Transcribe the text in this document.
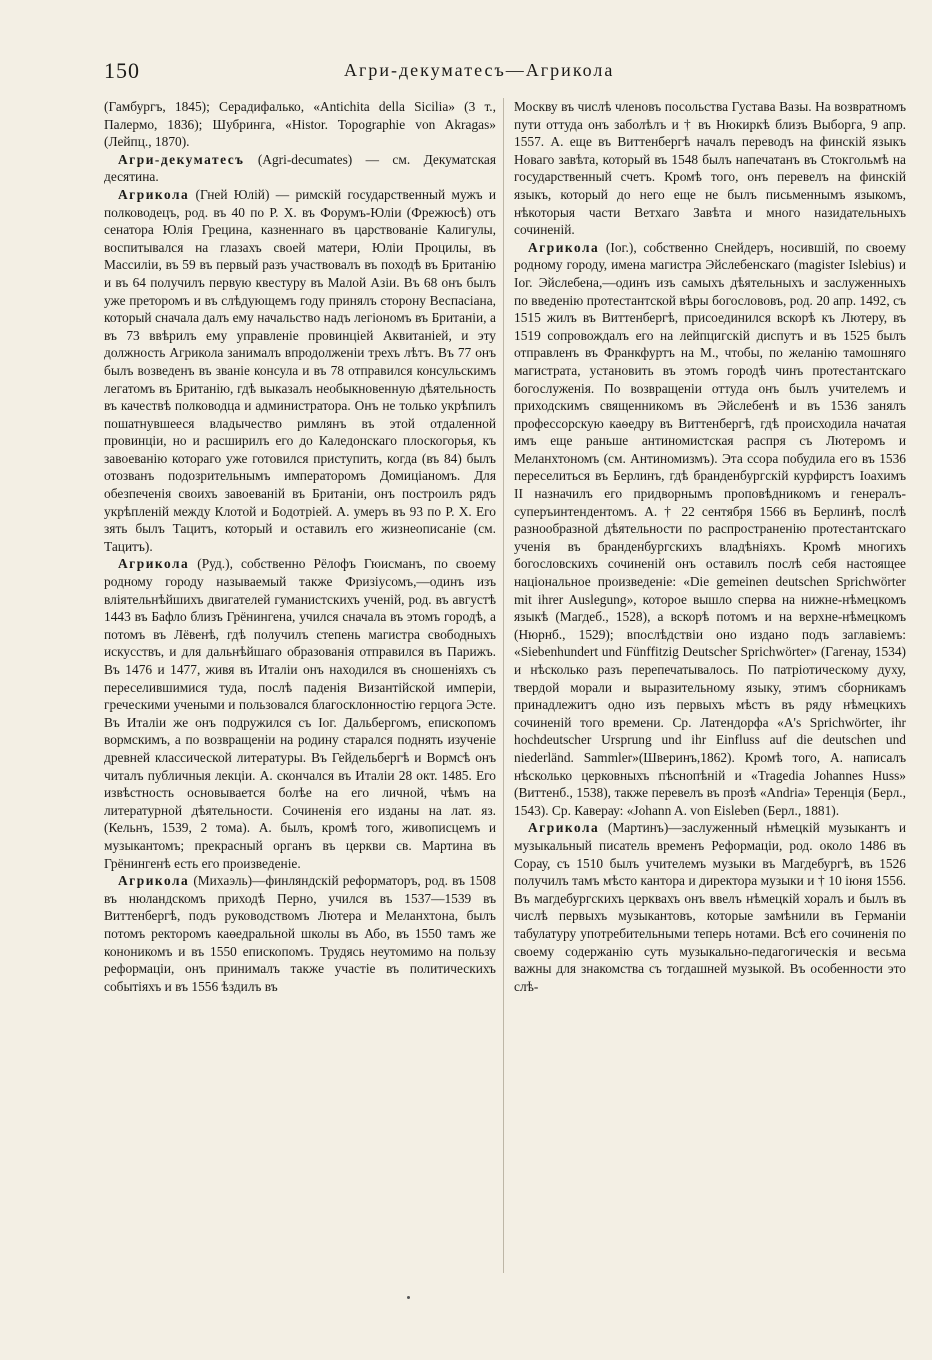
150	Агри-декуматесъ—Агрикола

(Гамбургъ, 1845); Серадифалько, «Antichita della Sicilia» (3 т., Палермо, 1836); Шубринга, «Histor. Topographie von Akragas» (Лейпц., 1870).

Агри-декуматесъ (Agri-decumates) — см. Декуматская десятина.

Агрикола (Гней Юлій) — римскій государственный мужъ и полководецъ, род. въ 40 по Р. Х. въ Форумъ-Юліи (Фрежюсѣ) отъ сенатора Юлія Грецина, казненнаго въ царствованіе Калигулы, воспитывался на глазахъ своей матери, Юліи Процилы, въ Массиліи, въ 59 въ первый разъ участвовалъ въ походѣ въ Британію и въ 64 получилъ первую квестуру въ Малой Азіи. Въ 68 онъ былъ уже преторомъ и въ слѣдующемъ году принялъ сторону Веспасіана, который сначала далъ ему начальство надъ легіономъ въ Британіи, а въ 73 ввѣрилъ ему управленіе провинціей Аквитаніей, и эту должность Агрикола занималъ впродолженіи трехъ лѣтъ. Въ 77 онъ былъ возведенъ въ званіе консула и въ 78 отправился консульскимъ легатомъ въ Британію, гдѣ выказалъ необыкновенную дѣятельность въ качествѣ полководца и администратора. Онъ не только укрѣпилъ пошатнувшееся владычество римлянъ въ этой отдаленной провинціи, но и расширилъ его до Каледонскаго плоскогорья, къ завоеванію котораго уже готовился приступить, когда (въ 84) былъ отозванъ подозрительнымъ императоромъ Домиціаномъ. Для обезпеченія своихъ завоеваній въ Британіи, онъ построилъ рядъ укрѣпленій между Клотой и Бодотріей. А. умеръ въ 93 по Р. Х. Его зять былъ Тацитъ, который и оставилъ его жизнеописаніе (см. Тацитъ).

Агрикола (Руд.), собственно Рёлофъ Гюисманъ, по своему родному городу называемый также Фризіусомъ,—одинъ изъ вліятельнѣйшихъ двигателей гуманистскихъ ученій, род. въ августѣ 1443 въ Бафло близъ Грёнингена, учился сначала въ этомъ городѣ, а потомъ въ Лёвенѣ, гдѣ получилъ степень магистра свободныхъ искусствъ, и для дальнѣйшаго образованія отправился въ Парижъ. Въ 1476 и 1477, живя въ Италіи онъ находился въ сношеніяхъ съ переселившимися туда, послѣ паденія Византійской имперіи, греческими учеными и пользовался благосклонностію герцога Эсте. Въ Италіи же онъ подружился съ Іог. Дальбергомъ, епископомъ вормскимъ, а по возвращеніи на родину старался поднять изученіе древней классической литературы. Въ Гейдельбергѣ и Вормсѣ онъ читалъ публичныя лекціи. А. скончался въ Италіи 28 окт. 1485. Его извѣстность основывается болѣе на его личной, чѣмъ на литературной дѣятельности. Сочиненія его изданы на лат. яз. (Кельнъ, 1539, 2 тома). А. былъ, кромѣ того, живописцемъ и музыкантомъ; прекрасный органъ въ церкви св. Мартина въ Грёнингенѣ есть его произведеніе.

Агрикола (Михаэль)—финляндскій реформаторъ, род. въ 1508 въ нюландскомъ приходѣ Перно, учился въ 1537—1539 въ Виттенбергѣ, подъ руководствомъ Лютера и Меланхтона, былъ потомъ ректоромъ каѳедральной школы въ Або, въ 1550 тамъ же кононикомъ и въ 1550 епископомъ. Трудясь неутомимо на пользу реформаціи, онъ принималъ также участіе въ политическихъ событіяхъ и въ 1556 ѣздилъ въ

Москву въ числѣ членовъ посольства Густава Вазы. На возвратномъ пути оттуда онъ заболѣлъ и † въ Нюкиркѣ близъ Выборга, 9 апр. 1557. А. еще въ Виттенбергѣ началъ переводъ на финскій языкъ Новаго завѣта, который въ 1548 былъ напечатанъ въ Стокгольмѣ на государственный счетъ. Кромѣ того, онъ перевелъ на финскій языкъ, который до него еще не былъ письменнымъ языкомъ, нѣкоторыя части Ветхаго Завѣта и много назидательныхъ сочиненій.

Агрикола (Іог.), собственно Снейдеръ, носившій, по своему родному городу, имена магистра Эйслебенскаго (magister Islebius) и Іог. Эйслебена,—одинъ изъ самыхъ дѣятельныхъ и заслуженныхъ по введенію протестантской вѣры богослововъ, род. 20 апр. 1492, съ 1515 жилъ въ Виттенбергѣ, присоединился вскорѣ къ Лютеру, въ 1519 сопровождалъ его на лейпцигскій диспутъ и въ 1525 былъ отправленъ въ Франкфуртъ на М., чтобы, по желанію тамошняго магистрата, установить въ этомъ городѣ чинъ протестантскаго богослуженія. По возвращеніи оттуда онъ былъ учителемъ и приходскимъ священникомъ въ Эйслебенѣ и въ 1536 занялъ профессорскую каѳедру въ Виттенбергѣ, гдѣ происходила начатая имъ еще раньше антиномистская распря съ Лютеромъ и Меланхтономъ (см. Антиномизмъ). Эта ссора побудила его въ 1536 переселиться въ Берлинъ, гдѣ бранденбургскій курфирстъ Іоахимъ II назначилъ его придворнымъ проповѣдникомъ и генералъ-суперъинтендентомъ. А. † 22 сентября 1566 въ Берлинѣ, послѣ разнообразной дѣятельности по распространенію протестантскаго ученія въ бранденбургскихъ владѣніяхъ. Кромѣ многихъ богословскихъ сочиненій онъ оставилъ послѣ себя настоящее національное произведеніе: «Die gemeinen deutschen Sprichwörter mit ihrer Auslegung», которое вышло сперва на нижне-нѣмецкомъ языкѣ (Магдеб., 1528), а вскорѣ потомъ и на верхне-нѣмецкомъ (Нюрнб., 1529); впослѣдствіи оно издано подъ заглавіемъ: «Siebenhundert und Fünffitzig Deutscher Sprichwörter» (Гагенау, 1534) и нѣсколько разъ перепечатывалось. По патріотическому духу, твердой морали и выразительному языку, этимъ сборникамъ принадлежитъ одно изъ первыхъ мѣстъ въ ряду нѣмецкихъ сочиненій того времени. Ср. Латендорфа «A's Sprichwörter, ihr hochdeutscher Ursprung und ihr Einfluss auf die deutschen und niederländ. Sammler»(Шверинъ,1862). Кромѣ того, А. написалъ нѣсколько церковныхъ пѣснопѣній и «Tragedia Johannes Huss» (Виттенб., 1538), также перевелъ въ прозѣ «Andria» Теренція (Берл., 1543). Ср. Каверау: «Johann A. von Eisleben (Берл., 1881).

Агрикола (Мартинъ)—заслуженный нѣмецкій музыкантъ и музыкальный писатель временъ Реформаціи, род. около 1486 въ Сорау, съ 1510 былъ учителемъ музыки въ Магдебургѣ, въ 1526 получилъ тамъ мѣсто кантора и директора музыки и † 10 іюня 1556. Въ магдебургскихъ церквахъ онъ ввелъ нѣмецкій хоралъ и былъ въ числѣ первыхъ музыкантовъ, которые замѣнили въ Германіи табулатуру употребительными теперь нотами. Всѣ его сочиненія по своему содержанію суть музыкально-педагогическія и весьма важны для знакомства съ тогдашней музыкой. Въ особенности это слѣ-
